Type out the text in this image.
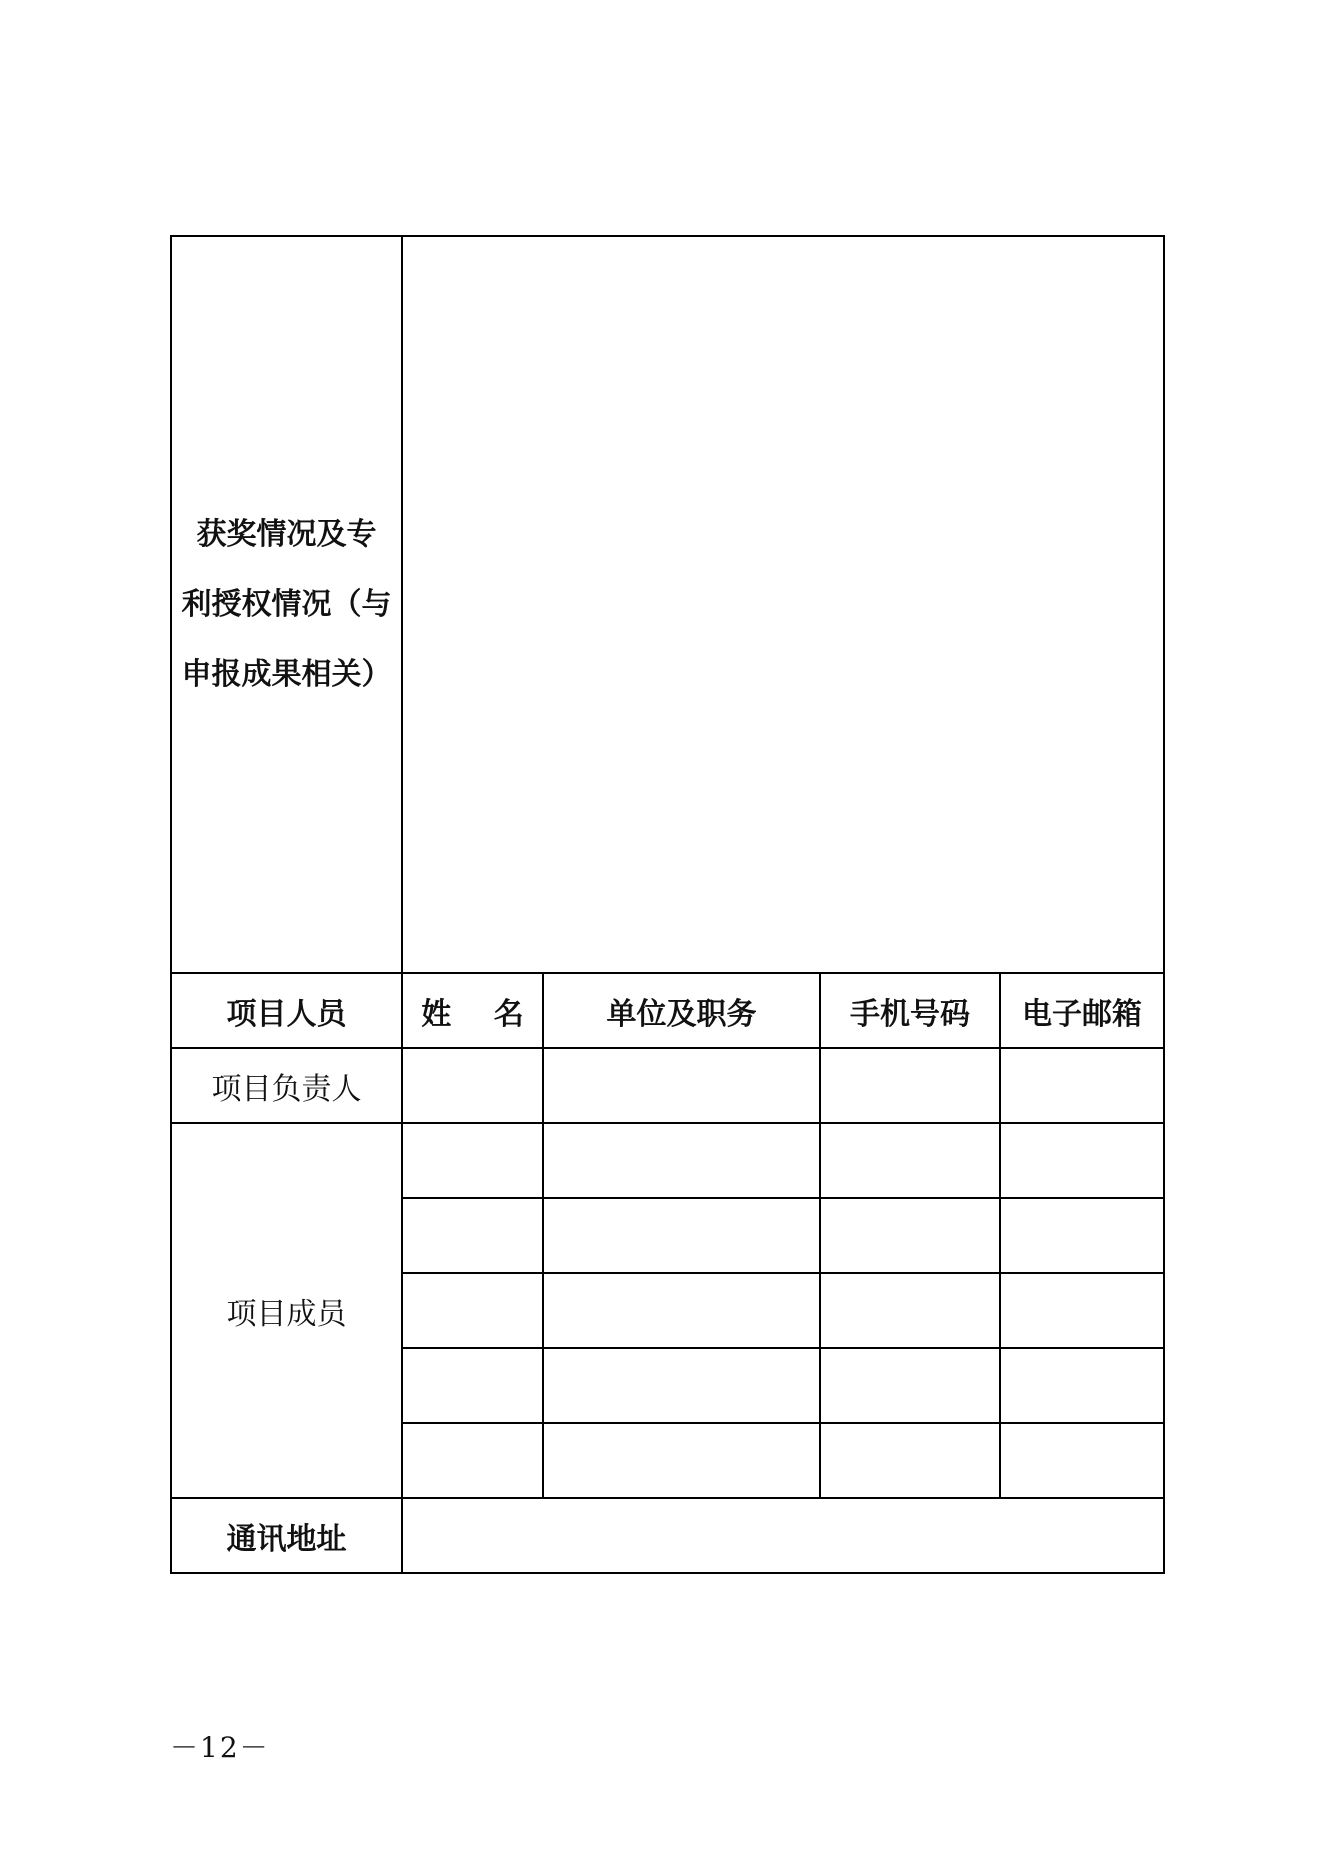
获奖情况及专
利授权情况（与
申报成果相关）				

项目人员	姓 名	单位及职务	手机号码	电子邮箱
项目负责人				
项目成员				

通讯地址				
－12－
